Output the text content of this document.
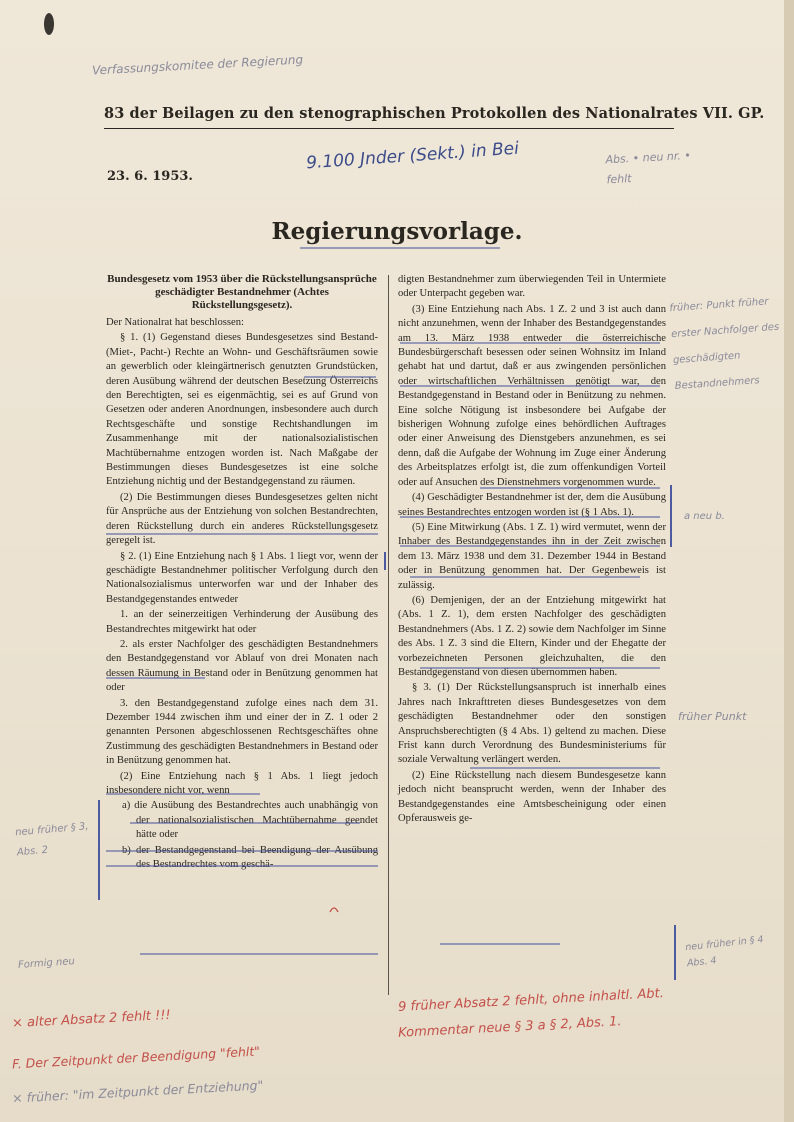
Verfassungskomitee der Regierung
83 der Beilagen zu den stenographischen Protokollen des Nationalrates VII. GP.
23. 6. 1953.
9.100 Jnder (Sekt.) in Bei	Abs. • neu nr. • fehlt
Regierungsvorlage.
Bundesgesetz vom 1953 über die Rückstellungsansprüche geschädigter Bestandnehmer (Achtes Rückstellungsgesetz).

Der Nationalrat hat beschlossen:

§ 1. (1) Gegenstand dieses Bundesgesetzes sind Bestand- (Miet-, Pacht-) Rechte an Wohn- und Geschäftsräumen sowie an gewerblich oder kleingärtnerisch genutzten Grundstücken, deren Ausübung während der deutschen Besetzung Österreichs den Berechtigten, sei es eigenmächtig, sei es auf Grund von Gesetzen oder anderen Anordnungen, insbesondere auch durch Rechtsgeschäfte und sonstige Rechtshandlungen im Zusammenhange mit der nationalsozialistischen Machtübernahme entzogen worden ist. Nach Maßgabe der Bestimmungen dieses Bundesgesetzes ist eine solche Entziehung nichtig und der Bestandgegenstand zu räumen.

(2) Die Bestimmungen dieses Bundesgesetzes gelten nicht für Ansprüche aus der Entziehung von solchen Bestandrechten, deren Rückstellung durch ein anderes Rückstellungsgesetz geregelt ist.

§ 2. (1) Eine Entziehung nach § 1 Abs. 1 liegt vor, wenn der geschädigte Bestandnehmer politischer Verfolgung durch den Nationalsozialismus unterworfen war und der Inhaber des Bestandgegenstandes entweder

1. an der seinerzeitigen Verhinderung der Ausübung des Bestandrechtes mitgewirkt hat oder

2. als erster Nachfolger des geschädigten Bestandnehmers den Bestandgegenstand vor Ablauf von drei Monaten nach dessen Räumung in Bestand oder in Benützung genommen hat oder

3. den Bestandgegenstand zufolge eines nach dem 31. Dezember 1944 zwischen ihm und einer der in Z. 1 oder 2 genannten Personen abgeschlossenen Rechtsgeschäftes ohne Zustimmung des geschädigten Bestandnehmers in Bestand oder in Benützung genommen hat.

(2) Eine Entziehung nach § 1 Abs. 1 liegt jedoch insbesondere nicht vor, wenn

a) die Ausübung des Bestandrechtes auch unabhängig von der nationalsozialistischen Machtübernahme geendet hätte oder

b) der Bestandgegenstand bei Beendigung der Ausübung des Bestandrechtes vom geschä-

digten Bestandnehmer zum überwiegenden Teil in Untermiete oder Unterpacht gegeben war.

(3) Eine Entziehung nach Abs. 1 Z. 2 und 3 ist auch dann nicht anzunehmen, wenn der Inhaber des Bestandgegenstandes am 13. März 1938 entweder die österreichische Bundesbürgerschaft besessen oder seinen Wohnsitz im Inland gehabt hat und dartut, daß er aus zwingenden persönlichen oder wirtschaftlichen Verhältnissen genötigt war, den Bestandgegenstand in Bestand oder in Benützung zu nehmen. Eine solche Nötigung ist insbesondere bei Aufgabe der bisherigen Wohnung zufolge eines behördlichen Auftrages oder einer Anweisung des Dienstgebers anzunehmen, es sei denn, daß die Aufgabe der Wohnung im Zuge einer Änderung des Arbeitsplatzes erfolgt ist, die zum offenkundigen Vorteil oder auf Ansuchen des Dienstnehmers vorgenommen wurde.

(4) Geschädigter Bestandnehmer ist der, dem die Ausübung seines Bestandrechtes entzogen worden ist (§ 1 Abs. 1).

(5) Eine Mitwirkung (Abs. 1 Z. 1) wird vermutet, wenn der Inhaber des Bestandgegenstandes ihn in der Zeit zwischen dem 13. März 1938 und dem 31. Dezember 1944 in Bestand oder in Benützung genommen hat. Der Gegenbeweis ist zulässig.

(6) Demjenigen, der an der Entziehung mitgewirkt hat (Abs. 1 Z. 1), dem ersten Nachfolger des geschädigten Bestandnehmers (Abs. 1 Z. 2) sowie dem Nachfolger im Sinne des Abs. 1 Z. 3 sind die Eltern, Kinder und der Ehegatte der vorbezeichneten Personen gleichzuhalten, die den Bestandgegenstand von diesen übernommen haben.

§ 3. (1) Der Rückstellungsanspruch ist innerhalb eines Jahres nach Inkrafttreten dieses Bundesgesetzes von dem geschädigten Bestandnehmer oder den sonstigen Anspruchsberechtigten (§ 4 Abs. 1) geltend zu machen. Diese Frist kann durch Verordnung des Bundesministeriums für soziale Verwaltung verlängert werden.

(2) Eine Rückstellung nach diesem Bundesgesetze kann jedoch nicht beansprucht werden, wenn der Inhaber des Bestandgegenstandes eine Amtsbescheinigung oder einen Opferausweis ge-

früher: Punkt früher erster Nachfolger des geschädigten Bestandnehmers
a neu b.
früher Punkt
neu früher in § 4 Abs. 4
neu früher § 3, Abs. 2
Formig neu
9 früher Absatz 2 fehlt, ohne inhaltl. Abt.
Kommentar neue § 3 a § 2, Abs. 1.
× alter Absatz 2 fehlt !!!
F. Der Zeitpunkt der Beendigung "fehlt"
× früher: "im Zeitpunkt der Entziehung"
